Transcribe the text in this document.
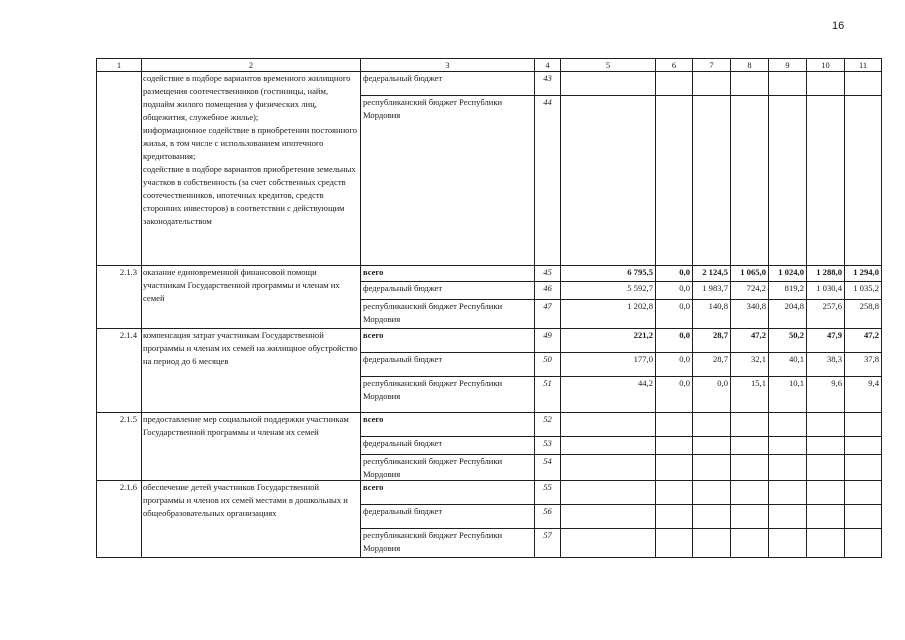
16
1	2	3	4	5	6	7	8	9	10	11
	содействие в подборе вариантов временного жилищного размещения соотечественников (гостиницы, найм, поднайм жилого помещения у физических лиц, общежития, служебное жилье);
информационное содействие в приобретении постоянного жилья, в том числе с использованием ипотечного кредитования;
содействие в подборе вариантов приобретения земельных участков в собственность (за счет собственных средств соотечественников, ипотечных кредитов, средств сторонних инвесторов) в соответствии с действующим законодательством	федеральный бюджет	43							
		республиканский бюджет Республики Мордовия	44							
2.1.3	оказание единовременной финансовой помощи участникам Государственной программы и членам их семей	всего	45	6 795,5	0,0	2 124,5	1 065,0	1 024,0	1 288,0	1 294,0
		федеральный бюджет	46	5 592,7	0,0	1 983,7	724,2	819,2	1 030,4	1 035,2
		республиканский бюджет Республики Мордовия	47	1 202,8	0,0	140,8	340,8	204,8	257,6	258,8
2.1.4	компенсация затрат участникам Государственной программы и членам их семей на жилищное обустройство на период до 6 месяцев	всего	49	221,2	0,0	28,7	47,2	50,2	47,9	47,2
		федеральный бюджет	50	177,0	0,0	28,7	32,1	40,1	38,3	37,8
		республиканский бюджет Республики Мордовия	51	44,2	0,0	0,0	15,1	10,1	9,6	9,4
2.1.5	предоставление мер социальной поддержки участникам Государственной программы и членам их семей	всего	52							
		федеральный бюджет	53							
		республиканский бюджет Республики Мордовия	54							
2.1.6	обеспечение детей участников Государственной программы и членов их семей местами в дошкольных и общеобразовательных организациях	всего	55							
		федеральный бюджет	56							
		республиканский бюджет Республики Мордовия	57							
